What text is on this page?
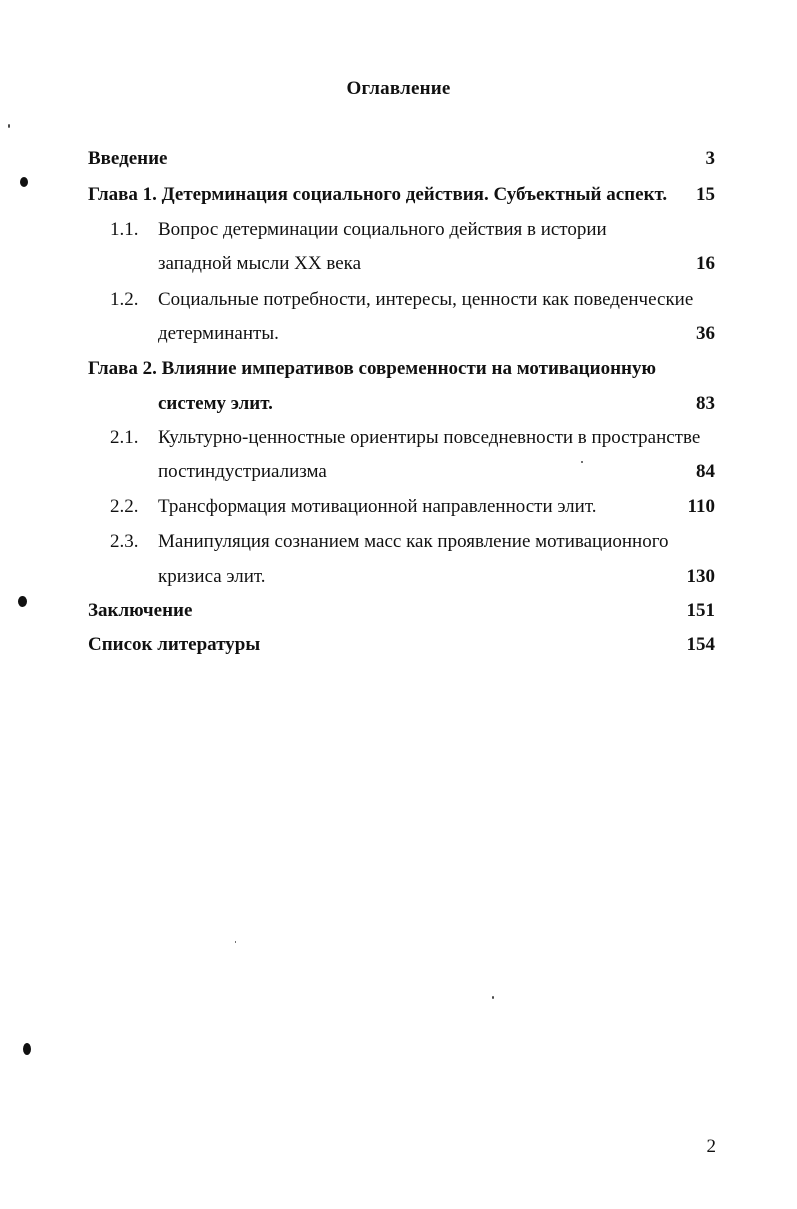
Оглавление
Введение	3
Глава 1. Детерминация социального действия. Субъектный аспект. 15
1.1. Вопрос детерминации социального действия в истории
западной мысли XX века	16
1.2. Социальные потребности, интересы, ценности как поведенческие
детерминанты.	36
Глава 2. Влияние императивов современности на мотивационную
систему элит.	83
2.1. Культурно-ценностные ориентиры повседневности в пространстве
постиндустриализма	84
2.2. Трансформация мотивационной направленности элит.	110
2.3. Манипуляция сознанием масс как проявление мотивационного
кризиса элит.	130
Заключение	151
Список литературы	154
2
